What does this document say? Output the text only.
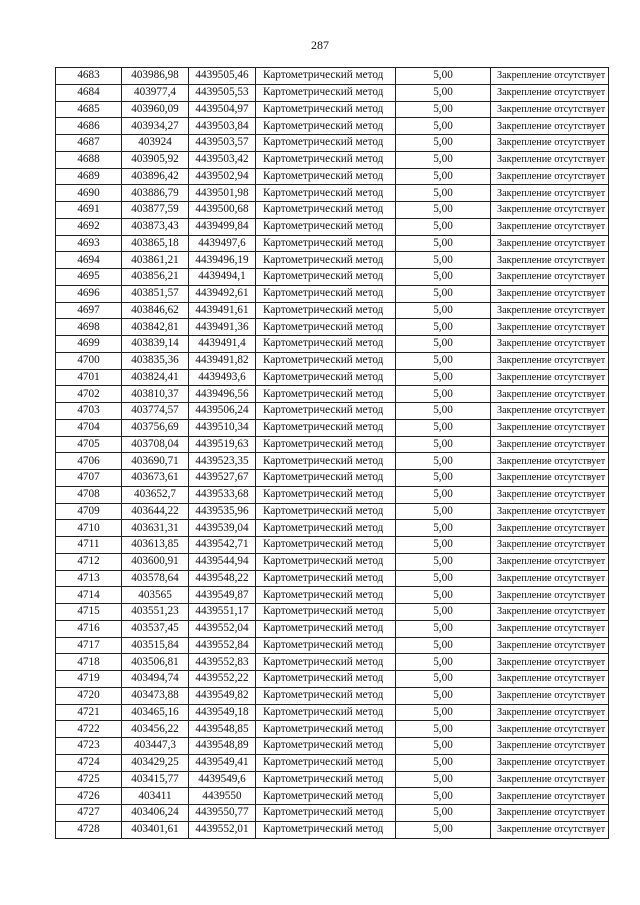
287
4683	403986,98	4439505,46	Картометрический метод	5,00	Закрепление отсутствует
4684	403977,4	4439505,53	Картометрический метод	5,00	Закрепление отсутствует
4685	403960,09	4439504,97	Картометрический метод	5,00	Закрепление отсутствует
4686	403934,27	4439503,84	Картометрический метод	5,00	Закрепление отсутствует
4687	403924	4439503,57	Картометрический метод	5,00	Закрепление отсутствует
4688	403905,92	4439503,42	Картометрический метод	5,00	Закрепление отсутствует
4689	403896,42	4439502,94	Картометрический метод	5,00	Закрепление отсутствует
4690	403886,79	4439501,98	Картометрический метод	5,00	Закрепление отсутствует
4691	403877,59	4439500,68	Картометрический метод	5,00	Закрепление отсутствует
4692	403873,43	4439499,84	Картометрический метод	5,00	Закрепление отсутствует
4693	403865,18	4439497,6	Картометрический метод	5,00	Закрепление отсутствует
4694	403861,21	4439496,19	Картометрический метод	5,00	Закрепление отсутствует
4695	403856,21	4439494,1	Картометрический метод	5,00	Закрепление отсутствует
4696	403851,57	4439492,61	Картометрический метод	5,00	Закрепление отсутствует
4697	403846,62	4439491,61	Картометрический метод	5,00	Закрепление отсутствует
4698	403842,81	4439491,36	Картометрический метод	5,00	Закрепление отсутствует
4699	403839,14	4439491,4	Картометрический метод	5,00	Закрепление отсутствует
4700	403835,36	4439491,82	Картометрический метод	5,00	Закрепление отсутствует
4701	403824,41	4439493,6	Картометрический метод	5,00	Закрепление отсутствует
4702	403810,37	4439496,56	Картометрический метод	5,00	Закрепление отсутствует
4703	403774,57	4439506,24	Картометрический метод	5,00	Закрепление отсутствует
4704	403756,69	4439510,34	Картометрический метод	5,00	Закрепление отсутствует
4705	403708,04	4439519,63	Картометрический метод	5,00	Закрепление отсутствует
4706	403690,71	4439523,35	Картометрический метод	5,00	Закрепление отсутствует
4707	403673,61	4439527,67	Картометрический метод	5,00	Закрепление отсутствует
4708	403652,7	4439533,68	Картометрический метод	5,00	Закрепление отсутствует
4709	403644,22	4439535,96	Картометрический метод	5,00	Закрепление отсутствует
4710	403631,31	4439539,04	Картометрический метод	5,00	Закрепление отсутствует
4711	403613,85	4439542,71	Картометрический метод	5,00	Закрепление отсутствует
4712	403600,91	4439544,94	Картометрический метод	5,00	Закрепление отсутствует
4713	403578,64	4439548,22	Картометрический метод	5,00	Закрепление отсутствует
4714	403565	4439549,87	Картометрический метод	5,00	Закрепление отсутствует
4715	403551,23	4439551,17	Картометрический метод	5,00	Закрепление отсутствует
4716	403537,45	4439552,04	Картометрический метод	5,00	Закрепление отсутствует
4717	403515,84	4439552,84	Картометрический метод	5,00	Закрепление отсутствует
4718	403506,81	4439552,83	Картометрический метод	5,00	Закрепление отсутствует
4719	403494,74	4439552,22	Картометрический метод	5,00	Закрепление отсутствует
4720	403473,88	4439549,82	Картометрический метод	5,00	Закрепление отсутствует
4721	403465,16	4439549,18	Картометрический метод	5,00	Закрепление отсутствует
4722	403456,22	4439548,85	Картометрический метод	5,00	Закрепление отсутствует
4723	403447,3	4439548,89	Картометрический метод	5,00	Закрепление отсутствует
4724	403429,25	4439549,41	Картометрический метод	5,00	Закрепление отсутствует
4725	403415,77	4439549,6	Картометрический метод	5,00	Закрепление отсутствует
4726	403411	4439550	Картометрический метод	5,00	Закрепление отсутствует
4727	403406,24	4439550,77	Картометрический метод	5,00	Закрепление отсутствует
4728	403401,61	4439552,01	Картометрический метод	5,00	Закрепление отсутствует
